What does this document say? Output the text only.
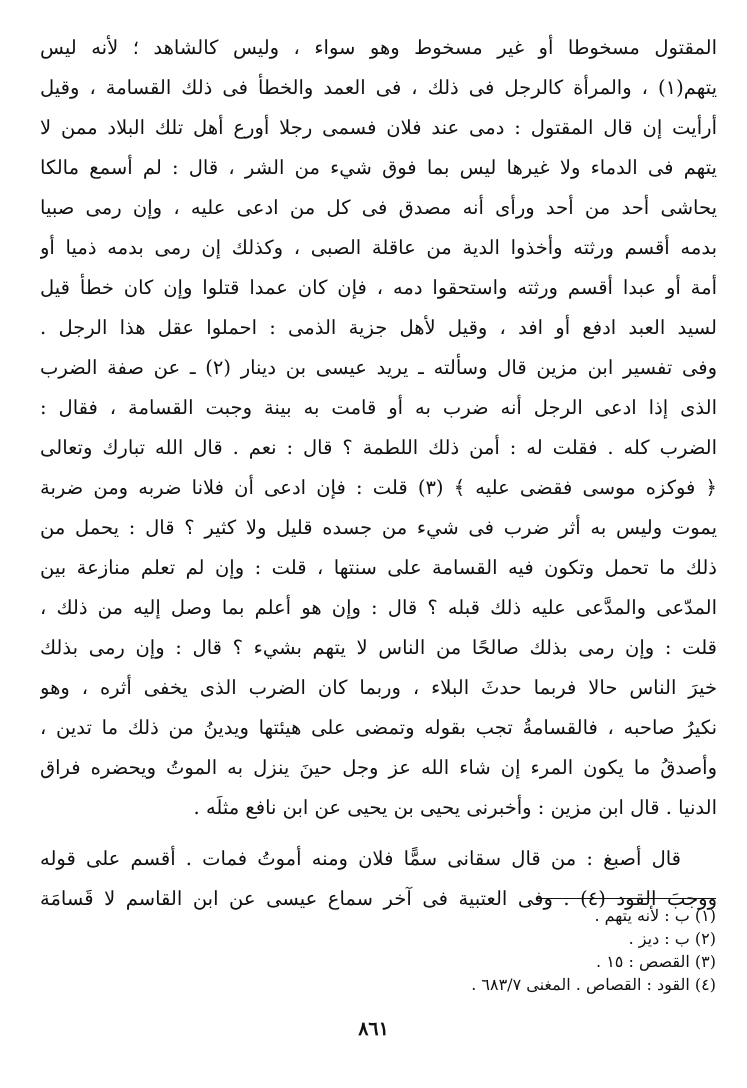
المقتول مسخوطا أو غير مسخوط وهو سواء ، وليس كالشاهد ؛ لأنه ليس
يتهم(١) ، والمرأة كالرجل فى ذلك ، فى العمد والخطأ فى ذلك القسامة ، وقيل
أرأيت إن قال المقتول : دمى عند فلان فسمى رجلا أورع أهل تلك البلاد ممن لا
يتهم فى الدماء ولا غيرها ليس بما فوق شيء من الشر ، قال : لم أسمع مالكا
يحاشى أحد من أحد ورأى أنه مصدق فى كل من ادعى عليه ، وإن رمى صبيا
بدمه أقسم ورثته وأخذوا الدية من عاقلة الصبى ، وكذلك إن رمى بدمه ذميا أو
أمة أو عبدا أقسم ورثته واستحقوا دمه ، فإن كان عمدا قتلوا وإن كان خطأ قيل
لسيد العبد ادفع أو افد ، وقيل لأهل جزية الذمى : احملوا عقل هذا الرجل .
وفى تفسير ابن مزين قال وسألته ـ يريد عيسى بن دينار (٢) ـ عن صفة الضرب
الذى إذا ادعى الرجل أنه ضرب به أو قامت به بينة وجبت القسامة ، فقال :
الضرب كله . فقلت له : أمن ذلك اللطمة ؟ قال : نعم . قال الله تبارك وتعالى
﴿ فوكزه موسى فقضى عليه ﴾ (٣) قلت : فإن ادعى أن فلانا ضربه ومن ضربة
يموت وليس به أثر ضرب فى شيء من جسده قليل ولا كثير ؟ قال : يحمل من
ذلك ما تحمل وتكون فيه القسامة على سنتها ، قلت : وإن لم تعلم منازعة بين
المدّعى والمدَّعى عليه ذلك قبله ؟ قال : وإن هو أعلم بما وصل إليه من ذلك ،
قلت : وإن رمى بذلك صالحًا من الناس لا يتهم بشيء ؟ قال : وإن رمى بذلك
خيرَ الناس حالا فربما حدثَ البلاء ، وربما كان الضرب الذى يخفى أثره ، وهو
نكيرُ صاحبه ، فالقسامةُ تجب بقوله وتمضى على هيئتها ويدينُ من ذلك ما تدين ،
وأصدقُ ما يكون المرء إن شاء الله عز وجل حينَ ينزل به الموتُ ويحضره فراق
الدنيا . قال ابن مزين : وأخبرنى يحيى بن يحيى عن ابن نافع مثلَه .
قال أصبغ : من قال سقانى سمًّا فلان ومنه أموتُ فمات . أقسم على قوله
ووجبَ القود (٤) . وفى العتبية فى آخر سماع عيسى عن ابن القاسم لا قَسامَة
(١) ب : لأنه يتهم .
(٢) ب : ديز .
(٣) القصص : ١٥ .
(٤) القود : القصاص . المغنى ٦٨٣/٧ .
٨٦١
